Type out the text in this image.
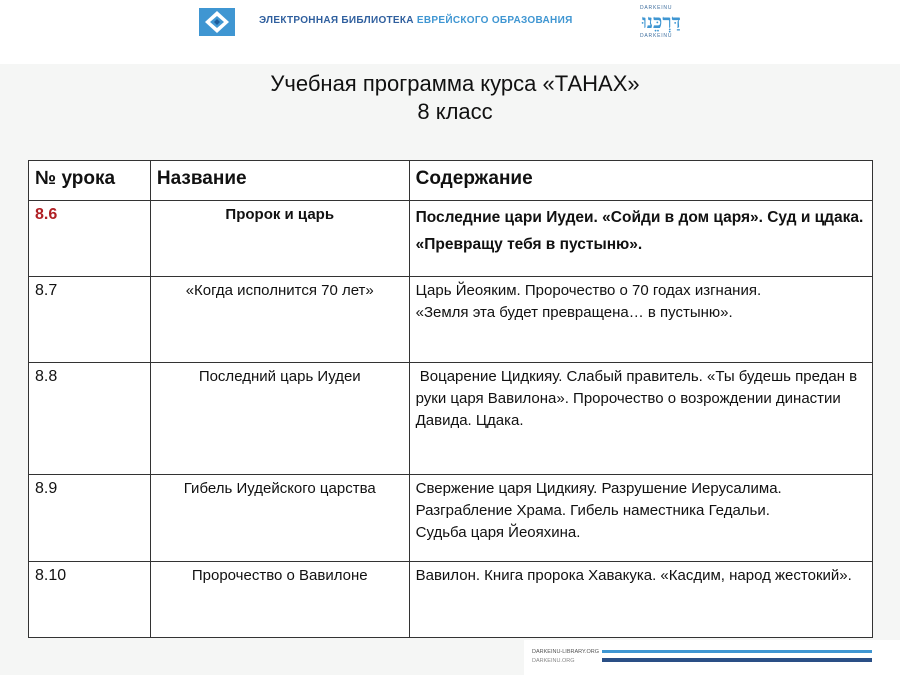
ЭЛЕКТРОННАЯ БИБЛИОТЕКА ЕВРЕЙСКОГО ОБРАЗОВАНИЯ
DARKEINU
דַּרְכֵּנוּ
DARKEINU
Учебная программа курса «ТАНАХ»
8 класс
№ урока	Название	Содержание
8.6	Пророк и царь	Последние цари Иудеи. «Сойди в дом царя». Суд и цдака. «Превращу тебя в пустыню».
8.7	«Когда исполнится 70 лет»	Царь Йеояким. Пророчество о 70 годах изгнания.
«Земля эта будет превращена… в пустыню».

8.8	Последний царь Иудеи	Воцарение Цидкияу. Слабый правитель. «Ты будешь предан в руки царя Вавилона». Пророчество о возрождении династии Давида. Цдака.
8.9	Гибель Иудейского царства	Свержение царя Цидкияу. Разрушение Иерусалима.
Разграбление Храма. Гибель наместника Гедальи.
Судьба царя Йеояхина.

8.10	Пророчество о Вавилоне	Вавилон. Книга пророка Хавакука. «Касдим, народ жестокий».
DARKEINU-LIBRARY.ORG
DARKEINU.ORG
